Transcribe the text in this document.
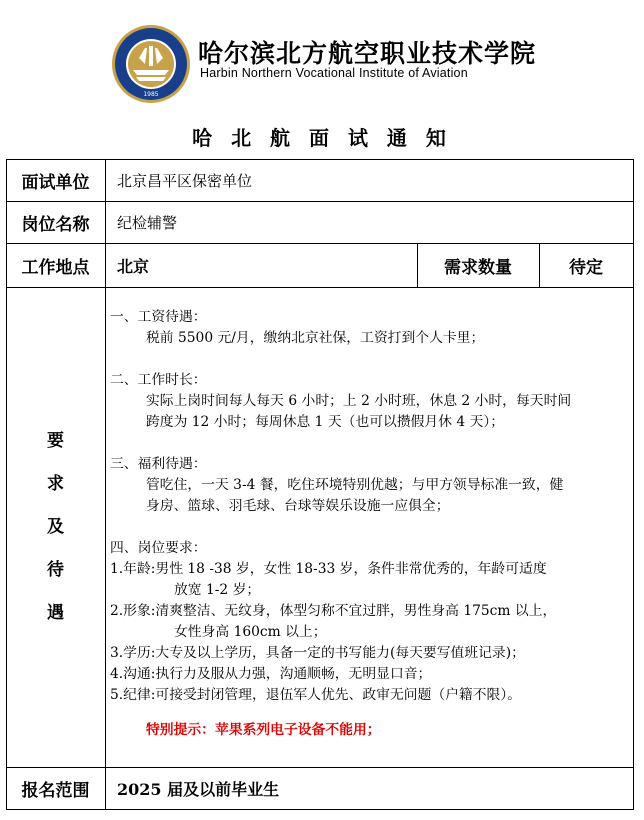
1985
哈尔滨北方航空职业技术学院
Harbin Northern Vocational Institute of Aviation
哈 北 航 面 试 通 知
面试单位	北京昌平区保密单位
岗位名称	纪检辅警
工作地点	北京	需求数量	待定
要
求
及
待
遇
一、工资待遇：
税前 5500 元/月，缴纳北京社保，工资打到个人卡里；
二、工作时长：
实际上岗时间每人每天 6 小时；上 2 小时班，休息 2 小时，每天时间
跨度为 12 小时；每周休息 1 天（也可以攒假月休 4 天）；
三、福利待遇：
管吃住，一天 3-4 餐，吃住环境特别优越；与甲方领导标准一致，健
身房、篮球、羽毛球、台球等娱乐设施一应俱全；
四、岗位要求：
1.年龄:男性 18 -38 岁，女性 18-33 岁，条件非常优秀的，年龄可适度
放宽 1-2 岁；
2.形象:清爽整洁、无纹身，体型匀称不宜过胖，男性身高 175cm 以上，
女性身高 160cm 以上；
3.学历:大专及以上学历，具备一定的书写能力(每天要写值班记录)；
4.沟通:执行力及服从力强，沟通顺畅，无明显口音；
5.纪律:可接受封闭管理，退伍军人优先、政审无问题（户籍不限）。
特别提示：苹果系列电子设备不能用；
报名范围	2025 届及以前毕业生
